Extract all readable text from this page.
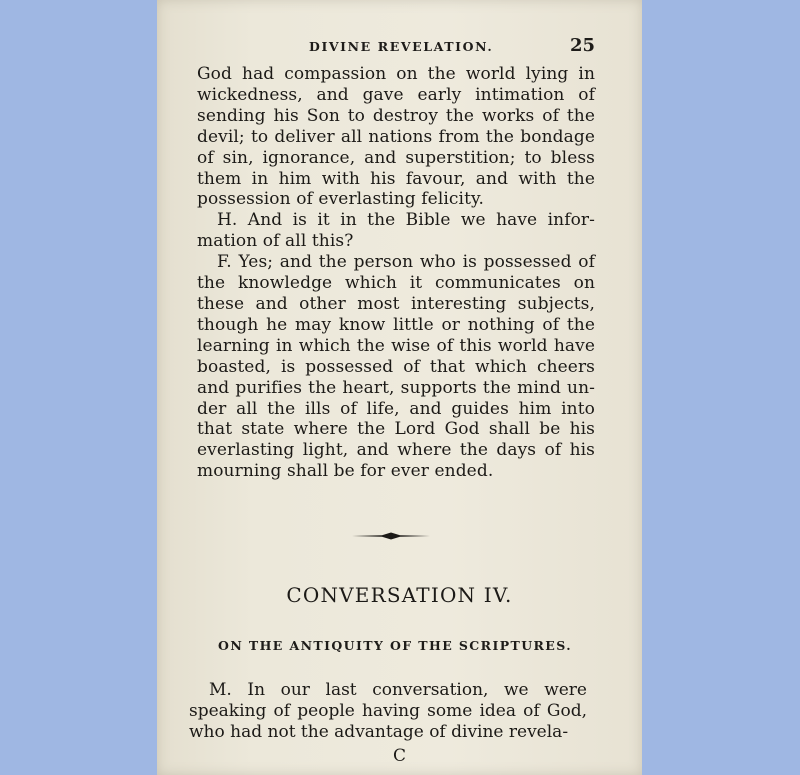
DIVINE REVELATION.	25

God had compassion on the world lying in wickedness, and gave early intimation of sending his Son to destroy the works of the devil; to deliver all nations from the bondage of sin, ignorance, and superstition; to bless them in him with his favour, and with the possession of everlasting felicity.

H. And is it in the Bible we have infor- mation of all this?

F. Yes; and the person who is possessed of the knowledge which it communicates on these and other most interesting subjects, though he may know little or nothing of the learning in which the wise of this world have boasted, is possessed of that which cheers and purifies the heart, supports the mind un- der all the ills of life, and guides him into that state where the Lord God shall be his everlasting light, and where the days of his mourning shall be for ever ended.

CONVERSATION IV.
ON THE ANTIQUITY OF THE SCRIPTURES.

M. In our last conversation, we were speaking of people having some idea of God, who had not the advantage of divine revela-

C
